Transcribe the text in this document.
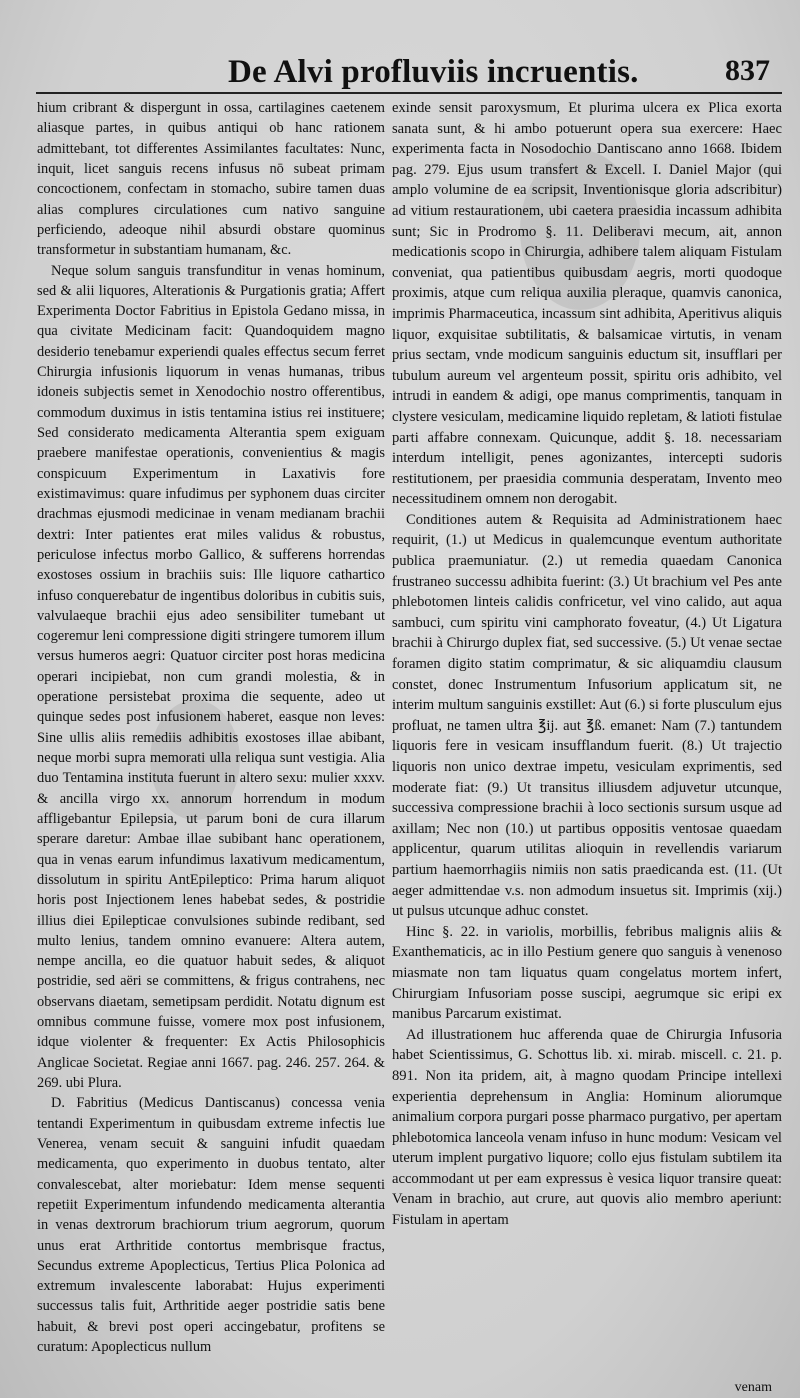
De Alvi profluviis incruentis.	837

hium cribrant & dispergunt in ossa, cartilagines caetenem aliasque partes, in quibus antiqui ob hanc rationem admittebant, tot differentes Assimilantes facultates: Nunc, inquit, licet sanguis recens infusus nō subeat primam concoctionem, confectam in stomacho, subire tamen duas alias complures circulationes cum nativo sanguine perficiendo, adeoque nihil absurdi obstare quominus transformetur in substantiam humanam, &c.

Neque solum sanguis transfunditur in venas hominum, sed & alii liquores, Alterationis & Purgationis gratia; Affert Experimenta Doctor Fabritius in Epistola Gedano missa, in qua civitate Medicinam facit: Quandoquidem magno desiderio tenebamur experiendi quales effectus secum ferret Chirurgia infusionis liquorum in venas humanas, tribus idoneis subjectis semet in Xenodochio nostro offerentibus, commodum duximus in istis tentamina istius rei instituere; Sed considerato medicamenta Alterantia spem exiguam praebere manifestae operationis, convenientius & magis conspicuum Experimentum in Laxativis fore existimavimus: quare infudimus per syphonem duas circiter drachmas ejusmodi medicinae in venam medianam brachii dextri: Inter patientes erat miles validus & robustus, periculose infectus morbo Gallico, & sufferens horrendas exostoses ossium in brachiis suis: Ille liquore cathartico infuso conquerebatur de ingentibus doloribus in cubitis suis, valvulaeque brachii ejus adeo sensibiliter tumebant ut cogeremur leni compressione digiti stringere tumorem illum versus humeros aegri: Quatuor circiter post horas medicina operari incipiebat, non cum grandi molestia, & in operatione persistebat proxima die sequente, adeo ut quinque sedes post infusionem haberet, easque non leves: Sine ullis aliis remediis adhibitis exostoses illae abibant, neque morbi supra memorati ulla reliqua sunt vestigia. Alia duo Tentamina instituta fuerunt in altero sexu: mulier xxxv. & ancilla virgo xx. annorum horrendum in modum affligebantur Epilepsia, ut parum boni de cura illarum sperare daretur: Ambae illae subibant hanc operationem, qua in venas earum infundimus laxativum medicamentum, dissolutum in spiritu AntEpileptico: Prima harum aliquot horis post Injectionem lenes habebat sedes, & postridie illius diei Epilepticae convulsiones subinde redibant, sed multo lenius, tandem omnino evanuere: Altera autem, nempe ancilla, eo die quatuor habuit sedes, & aliquot postridie, sed aëri se committens, & frigus contrahens, nec observans diaetam, semetipsam perdidit. Notatu dignum est omnibus commune fuisse, vomere mox post infusionem, idque violenter & frequenter: Ex Actis Philosophicis Anglicae Societat. Regiae anni 1667. pag. 246. 257. 264. & 269. ubi Plura.

D. Fabritius (Medicus Dantiscanus) concessa venia tentandi Experimentum in quibusdam extreme infectis lue Venerea, venam secuit & sanguini infudit quaedam medicamenta, quo experimento in duobus tentato, alter convalescebat, alter moriebatur: Idem mense sequenti repetiit Experimentum infundendo medicamenta alterantia in venas dextrorum brachiorum trium aegrorum, quorum unus erat Arthritide contortus membrisque fractus, Secundus extreme Apoplecticus, Tertius Plica Polonica ad extremum invalescente laborabat: Hujus experimenti successus talis fuit, Arthritide aeger postridie satis bene habuit, & brevi post operi accingebatur, profitens se curatum: Apoplecticus nullum

exinde sensit paroxysmum, Et plurima ulcera ex Plica exorta sanata sunt, & hi ambo potuerunt opera sua exercere: Haec experimenta facta in Nosodochio Dantiscano anno 1668. Ibidem pag. 279. Ejus usum transfert & Excell. I. Daniel Major (qui amplo volumine de ea scripsit, Inventionisque gloria adscribitur) ad vitium restaurationem, ubi caetera praesidia incassum adhibita sunt; Sic in Prodromo §. 11. Deliberavi mecum, ait, annon medicationis scopo in Chirurgia, adhibere talem aliquam Fistulam conveniat, qua patientibus quibusdam aegris, morti quodoque proximis, atque cum reliqua auxilia pleraque, quamvis canonica, imprimis Pharmaceutica, incassum sint adhibita, Aperitivus aliquis liquor, exquisitae subtilitatis, & balsamicae virtutis, in venam prius sectam, vnde modicum sanguinis eductum sit, insufflari per tubulum aureum vel argenteum possit, spiritu oris adhibito, vel intrudi in eandem & adigi, ope manus comprimentis, tanquam in clystere vesiculam, medicamine liquido repletam, & latioti fistulae parti affabre connexam. Quicunque, addit §. 18. necessariam interdum intelligit, penes agonizantes, intercepti sudoris restitutionem, per praesidia communia desperatam, Invento meo necessitudinem omnem non derogabit.

Conditiones autem & Requisita ad Administrationem haec requirit, (1.) ut Medicus in qualemcunque eventum authoritate publica praemuniatur. (2.) ut remedia quaedam Canonica frustraneo successu adhibita fuerint: (3.) Ut brachium vel Pes ante phlebotomen linteis calidis confricetur, vel vino calido, aut aqua sambuci, cum spiritu vini camphorato foveatur, (4.) Ut Ligatura brachii à Chirurgo duplex fiat, sed successive. (5.) Ut venae sectae foramen digito statim comprimatur, & sic aliquamdiu clausum constet, donec Instrumentum Infusorium applicatum sit, ne interim multum sanguinis exstillet: Aut (6.) si forte plusculum ejus profluat, ne tamen ultra ℥ij. aut ℥ß. emanet: Nam (7.) tantundem liquoris fere in vesicam insufflandum fuerit. (8.) Ut trajectio liquoris non unico dextrae impetu, vesiculam exprimentis, sed moderate fiat: (9.) Ut transitus illiusdem adjuvetur utcunque, successiva compressione brachii à loco sectionis sursum usque ad axillam; Nec non (10.) ut partibus oppositis ventosae quaedam applicentur, quarum utilitas alioquin in revellendis variarum partium haemorrhagiis nimiis non satis praedicanda est. (11. (Ut aeger admittendae v.s. non admodum insuetus sit. Imprimis (xij.) ut pulsus utcunque adhuc constet.

Hinc §. 22. in variolis, morbillis, febribus malignis aliis & Exanthematicis, ac in illo Pestium genere quo sanguis à venenoso miasmate non tam liquatus quam congelatus mortem infert, Chirurgiam Infusoriam posse suscipi, aegrumque sic eripi ex manibus Parcarum existimat.

Ad illustrationem huc afferenda quae de Chirurgia Infusoria habet Scientissimus, G. Schottus lib. xi. mirab. miscell. c. 21. p. 891. Non ita pridem, ait, à magno quodam Principe intellexi experientia deprehensum in Anglia: Hominum aliorumque animalium corpora purgari posse pharmaco purgativo, per apertam phlebotomica lanceola venam infuso in hunc modum: Vesicam vel uterum implent purgativo liquore; collo ejus fistulam subtilem ita accommodant ut per eam expressus è vesica liquor transire queat: Venam in brachio, aut crure, aut quovis alio membro aperiunt: Fistulam in apertam

venam
